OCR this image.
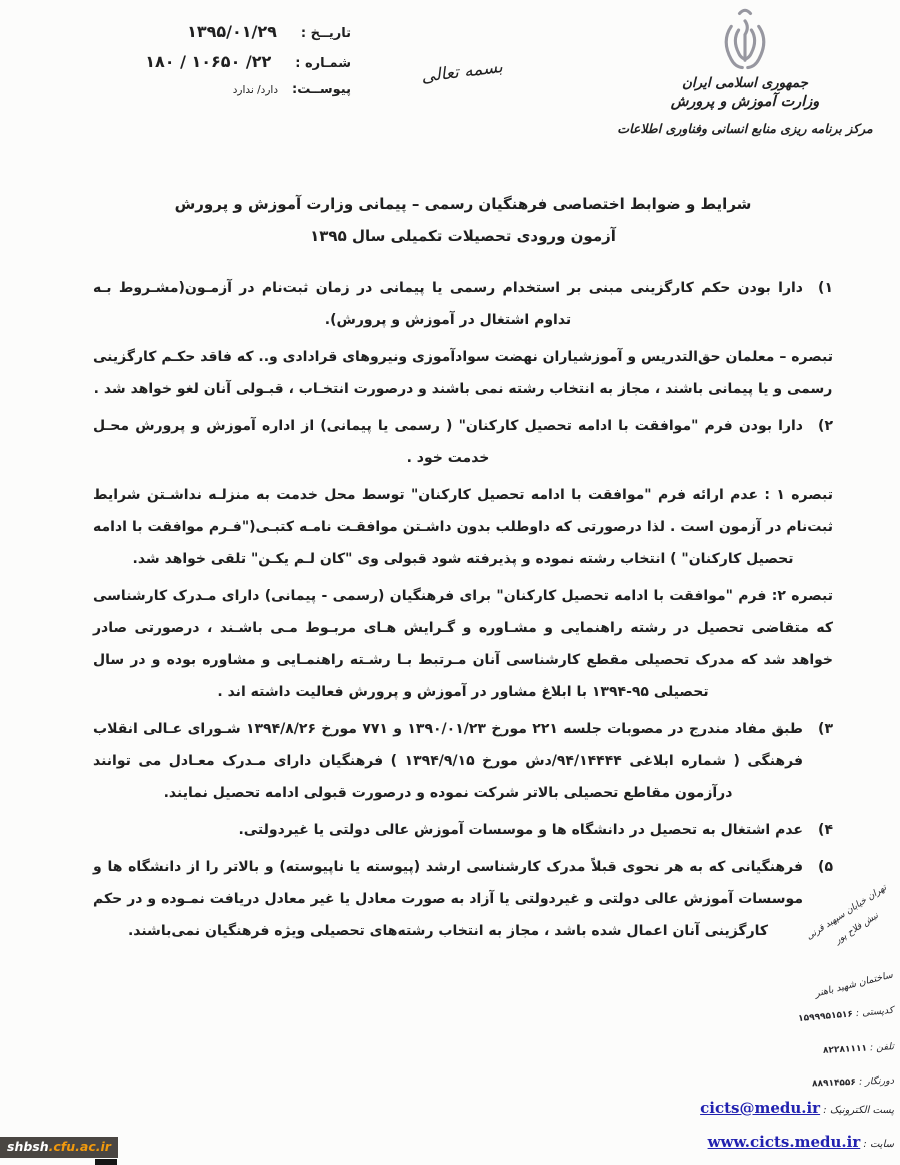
تاریــخ :
۱۳۹۵/۰۱/۲۹
شمـاره :
۲۲/ ۱۰۶۵۰ / ۱۸۰
پیوســت:
دارد/ ندارد
بسمه تعالی	جمهوری اسلامی ایران
وزارت آموزش و پرورش
مرکز برنامه ریزی منابع انسانی وفناوری اطلاعات
شرایط و ضوابط اختصاصی فرهنگیان رسمی – پیمانی وزارت آموزش و پرورش
آزمون ورودی تحصیلات تکمیلی سال ۱۳۹۵
۱)

دارا بودن حکم کارگزینی مبنی بر استخدام رسمی یا پیمانی در زمان ثبت‌نام در آزمـون(مشـروط بـه تداوم اشتغال در آموزش و پرورش).

تبصره – معلمان حق‌التدریس و آموزشیاران نهضت سوادآموزی ونیروهای قرادادی و.. که فاقد حکـم کارگزینی رسمی و یا پیمانی باشند ، مجاز به انتخاب رشته نمی باشند و درصورت انتخـاب ، قبـولی آنان لغو خواهد شد .

۲)

دارا بودن فرم "موافقت با ادامه تحصیل کارکنان" ( رسمی یا پیمانی) از اداره آموزش و پرورش محـل خدمت خود .

تبصره ۱ : عدم ارائه فرم "موافقت با ادامه تحصیل کارکنان" توسط محل خدمت به منزلـه نداشـتن شرایط ثبت‌نام در آزمون است . لذا درصورتی که داوطلب بدون داشـتن موافقـت نامـه کتبـی("فـرم موافقت با ادامه تحصیل کارکنان" ) انتخاب رشته نموده و پذیرفته شود قبولی وی "کان لـم یکـن" تلقی خواهد شد.

تبصره ۲: فرم "موافقت با ادامه تحصیل کارکنان" برای فرهنگیان (رسمی - پیمانی) دارای مـدرک کارشناسی که متقاضی تحصیل در رشته راهنمایی و مشـاوره و گـرایش هـای مربـوط مـی باشـند ، درصورتی صادر خواهد شد که مدرک تحصیلی مقطع کارشناسی آنان مـرتبط بـا رشـته راهنمـایی و مشاوره بوده و در سال تحصیلی ۹۵-۱۳۹۴ با ابلاغ مشاور در آموزش و پرورش فعالیت داشته اند .

۳)

طبق مفاد مندرج در مصوبات جلسه ۲۲۱ مورخ ۱۳۹۰/۰۱/۲۳ و ۷۷۱ مورخ ۱۳۹۴/۸/۲۶ شـورای عـالی انقلاب فرهنگی ( شماره ابلاغی ۹۴/۱۴۴۴۴/دش مورخ ۱۳۹۴/۹/۱۵ ) فرهنگیان دارای مـدرک معـادل می توانند درآزمون مقاطع تحصیلی بالاتر شرکت نموده و درصورت قبولی ادامه تحصیل نمایند.

۴)

عدم اشتغال به تحصیل در دانشگاه ها و موسسات آموزش عالی دولتی یا غیردولتی.

۵)

فرهنگیانی که به هر نحوی قبلاً مدرک کارشناسی ارشد (پیوسته یا ناپیوسته) و بالاتر را از دانشگاه ها و موسسات آموزش عالی دولتی و غیردولتی یا آزاد به صورت معادل یا غیر معادل دریافت نمـوده و در حکم کارگزینی آنان اعمال شده باشد ، مجاز به انتخاب رشته‌های تحصیلی ویژه فرهنگیان نمی‌باشند.	تهران خیابان سپهبد قرنی نبش فلاح پور
ساختمان شهید باهنر
کدپستی : ۱۵۹۹۹۵۱۵۱۶
تلفن : ۸۲۲۸۱۱۱۱
دورنگار : ۸۸۹۱۴۵۵۶
پست الکترونیک : cicts@medu.ir
سایت : www.cicts.medu.ir
shbsh.cfu.ac.ir
